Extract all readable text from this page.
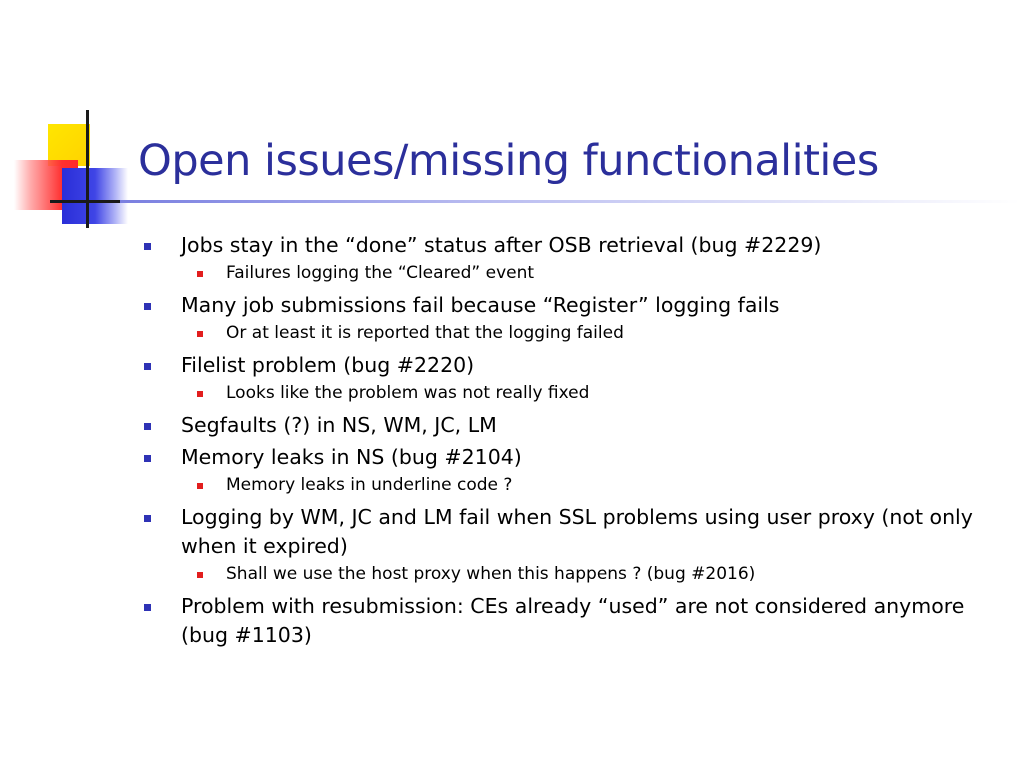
Open issues/missing functionalities
Jobs stay in the “done” status after OSB retrieval (bug #2229)
Failures logging the “Cleared” event
Many job submissions fail because “Register” logging fails
Or at least it is reported that the logging failed
Filelist problem (bug #2220)
Looks like the problem was not really fixed
Segfaults (?) in NS, WM, JC, LM
Memory leaks in NS (bug #2104)
Memory leaks in underline code ?
Logging by WM, JC and LM fail when SSL problems using user proxy (not only when it expired)
Shall we use the host proxy when this happens ? (bug #2016)
Problem with resubmission: CEs already “used” are not considered anymore (bug #1103)
